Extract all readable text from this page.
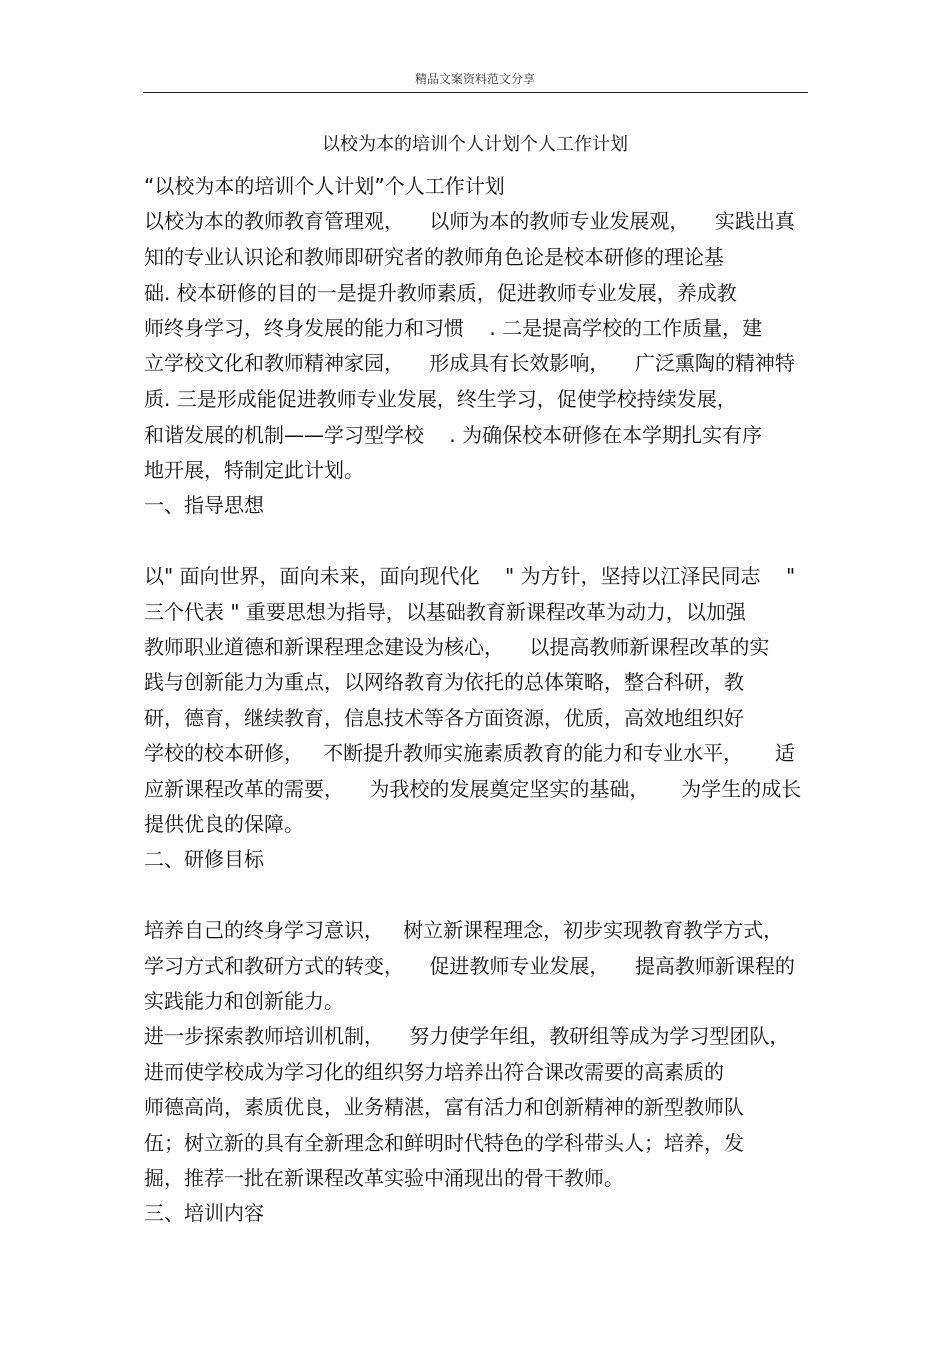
精品文案资料范文分享
以校为本的培训个人计划个人工作计划
“以校为本的培训个人计划”个人工作计划
以校为本的教师教育管理观，    以师为本的教师专业发展观，    实践出真
知的专业认识论和教师即研究者的教师角色论是校本研修的理论基
础. 校本研修的目的一是提升教师素质，促进教师专业发展，养成教
师终身学习，终身发展的能力和习惯    . 二是提高学校的工作质量，建
立学校文化和教师精神家园，    形成具有长效影响，    广泛熏陶的精神特
质. 三是形成能促进教师专业发展，终生学习，促使学校持续发展，
和谐发展的机制——学习型学校    . 为确保校本研修在本学期扎实有序
地开展，特制定此计划。
一、指导思想
以" 面向世界，面向未来，面向现代化    " 为方针，坚持以江泽民同志    "
三个代表 " 重要思想为指导，以基础教育新课程改革为动力，以加强
教师职业道德和新课程理念建设为核心，    以提高教师新课程改革的实
践与创新能力为重点，以网络教育为依托的总体策略，整合科研，教
研，德育，继续教育，信息技术等各方面资源，优质，高效地组织好
学校的校本研修，   不断提升教师实施素质教育的能力和专业水平，     适
应新课程改革的需要，    为我校的发展奠定坚实的基础，     为学生的成长
提供优良的保障。
二、研修目标
培养自己的终身学习意识，   树立新课程理念，初步实现教育教学方式，
学习方式和教研方式的转变，    促进教师专业发展，    提高教师新课程的
实践能力和创新能力。
进一步探索教师培训机制，    努力使学年组，教研组等成为学习型团队，
进而使学校成为学习化的组织努力培养出符合课改需要的高素质的
师德高尚，素质优良，业务精湛，富有活力和创新精神的新型教师队
伍；树立新的具有全新理念和鲜明时代特色的学科带头人；培养，发
掘，推荐一批在新课程改革实验中涌现出的骨干教师。
三、培训内容
